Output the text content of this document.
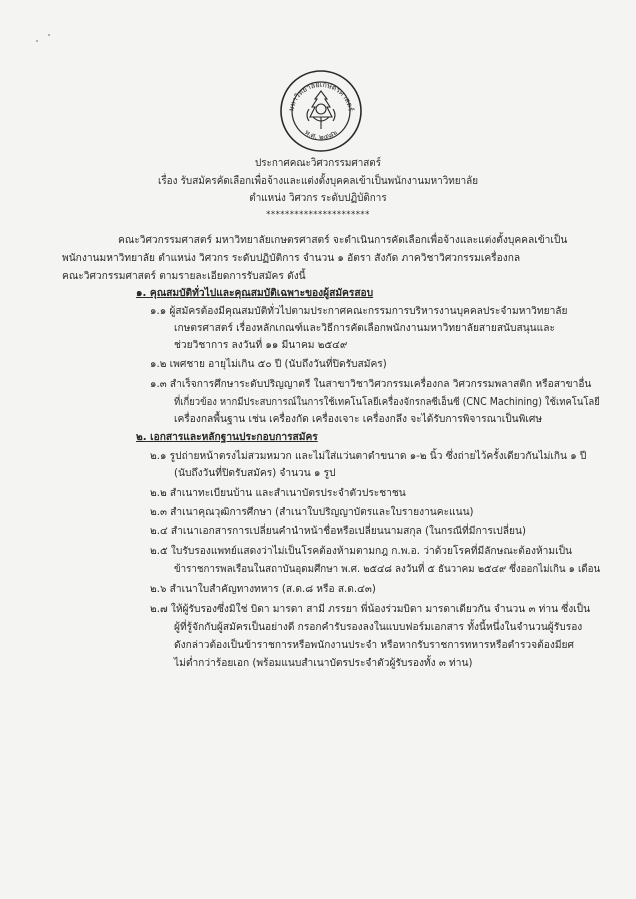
มหาวิทยาลัยเกษตรศาสตร์
พ.ศ. ๒๔๘๖
ประกาศคณะวิศวกรรมศาสตร์
เรื่อง รับสมัครคัดเลือกเพื่อจ้างและแต่งตั้งบุคคลเข้าเป็นพนักงานมหาวิทยาลัย
ตำแหน่ง วิศวกร ระดับปฏิบัติการ
**********************
คณะวิศวกรรมศาสตร์ มหาวิทยาลัยเกษตรศาสตร์ จะดำเนินการคัดเลือกเพื่อจ้างและแต่งตั้งบุคคลเข้าเป็น
พนักงานมหาวิทยาลัย ตำแหน่ง วิศวกร ระดับปฏิบัติการ จำนวน ๑ อัตรา สังกัด ภาควิชาวิศวกรรมเครื่องกล
คณะวิศวกรรมศาสตร์ ตามรายละเอียดการรับสมัคร ดังนี้
๑. คุณสมบัติทั่วไปและคุณสมบัติเฉพาะของผู้สมัครสอบ
๑.๑ ผู้สมัครต้องมีคุณสมบัติทั่วไปตามประกาศคณะกรรมการบริหารงานบุคคลประจำมหาวิทยาลัย
เกษตรศาสตร์ เรื่องหลักเกณฑ์และวิธีการคัดเลือกพนักงานมหาวิทยาลัยสายสนับสนุนและ
ช่วยวิชาการ ลงวันที่ ๑๑ มีนาคม ๒๕๔๙
๑.๒ เพศชาย อายุไม่เกิน ๕๐ ปี (นับถึงวันที่ปิดรับสมัคร)
๑.๓ สำเร็จการศึกษาระดับปริญญาตรี ในสาขาวิชาวิศวกรรมเครื่องกล วิศวกรรมพลาสติก หรือสาขาอื่น
ที่เกี่ยวข้อง หากมีประสบการณ์ในการใช้เทคโนโลยีเครื่องจักรกลซีเอ็นซี (CNC Machining) ใช้เทคโนโลยี
เครื่องกลพื้นฐาน เช่น เครื่องกัด เครื่องเจาะ เครื่องกลึง จะได้รับการพิจารณาเป็นพิเศษ
๒. เอกสารและหลักฐานประกอบการสมัคร
๒.๑ รูปถ่ายหน้าตรงไม่สวมหมวก และไม่ใส่แว่นตาดำขนาด ๑-๒ นิ้ว ซึ่งถ่ายไว้ครั้งเดียวกันไม่เกิน ๑ ปี
(นับถึงวันที่ปิดรับสมัคร) จำนวน ๑ รูป
๒.๒ สำเนาทะเบียนบ้าน และสำเนาบัตรประจำตัวประชาชน
๒.๓ สำเนาคุณวุฒิการศึกษา (สำเนาใบปริญญาบัตรและใบรายงานคะแนน)
๒.๔ สำเนาเอกสารการเปลี่ยนคำนำหน้าชื่อหรือเปลี่ยนนามสกุล (ในกรณีที่มีการเปลี่ยน)
๒.๕ ใบรับรองแพทย์แสดงว่าไม่เป็นโรคต้องห้ามตามกฎ ก.พ.อ. ว่าด้วยโรคที่มีลักษณะต้องห้ามเป็น
ข้าราชการพลเรือนในสถาบันอุดมศึกษา พ.ศ. ๒๕๔๘ ลงวันที่ ๕ ธันวาคม ๒๕๔๙ ซึ่งออกไม่เกิน ๑ เดือน
๒.๖ สำเนาใบสำคัญทางทหาร (ส.ด.๘ หรือ ส.ด.๔๓)
๒.๗ ให้ผู้รับรองซึ่งมิใช่ บิดา มารดา สามี ภรรยา พี่น้องร่วมบิดา มารดาเดียวกัน จำนวน ๓ ท่าน ซึ่งเป็น
ผู้ที่รู้จักกับผู้สมัครเป็นอย่างดี กรอกคำรับรองลงในแบบฟอร์มเอกสาร ทั้งนี้หนึ่งในจำนวนผู้รับรอง
ดังกล่าวต้องเป็นข้าราชการหรือพนักงานประจำ หรือหากรับราชการทหารหรือตำรวจต้องมียศ
ไม่ต่ำกว่าร้อยเอก (พร้อมแนบสำเนาบัตรประจำตัวผู้รับรองทั้ง ๓ ท่าน)
